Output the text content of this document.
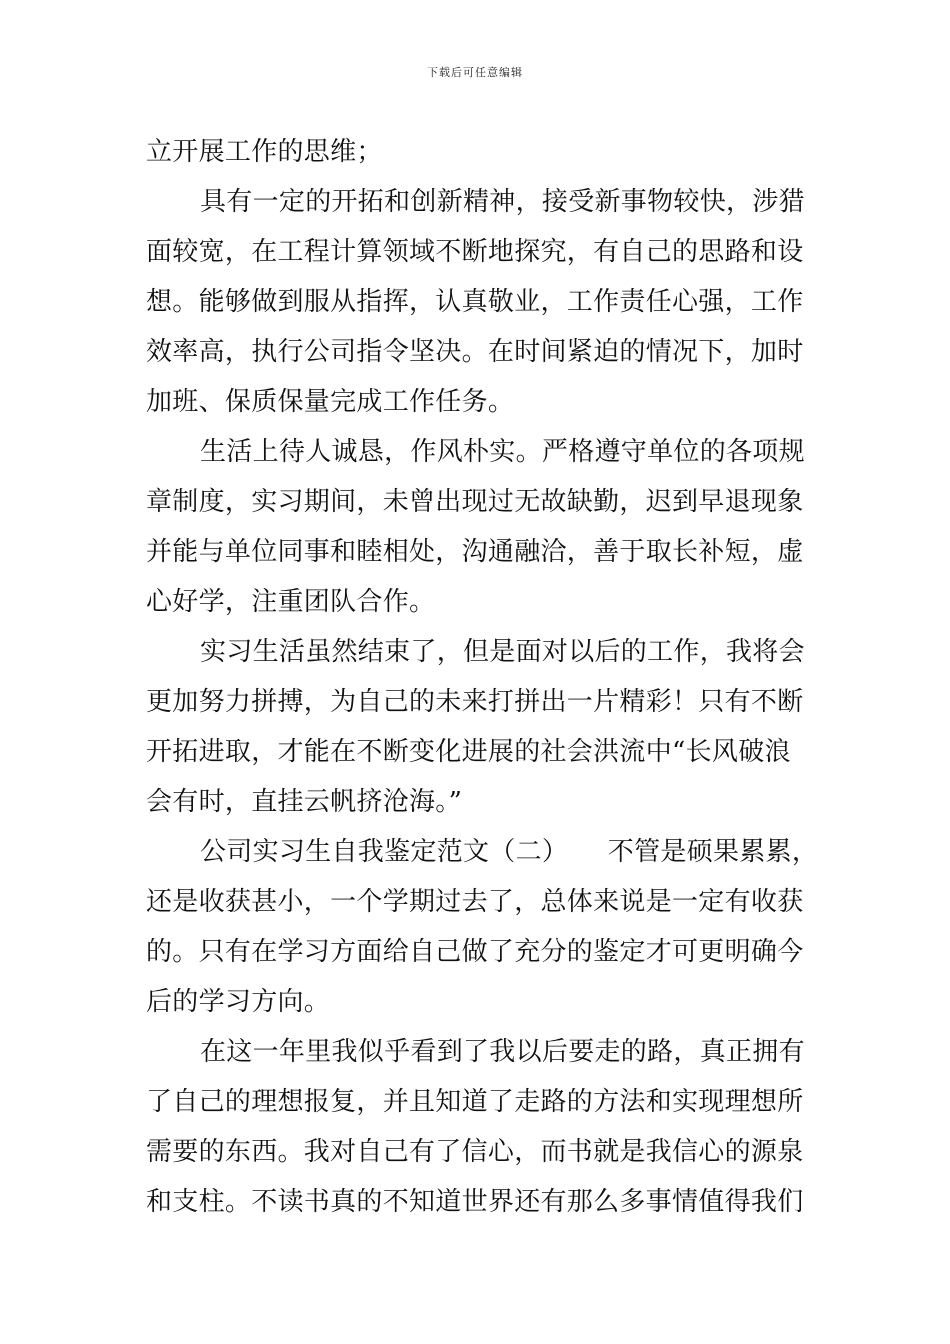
下载后可任意编辑
立开展工作的思维；
具有一定的开拓和创新精神，接受新事物较快，涉猎
面较宽，在工程计算领域不断地探究，有自己的思路和设
想。能够做到服从指挥，认真敬业，工作责任心强，工作
效率高，执行公司指令坚决。在时间紧迫的情况下，加时
加班、保质保量完成工作任务。
生活上待人诚恳，作风朴实。严格遵守单位的各项规
章制度，实习期间，未曾出现过无故缺勤，迟到早退现象
并能与单位同事和睦相处，沟通融洽，善于取长补短，虚
心好学，注重团队合作。
实习生活虽然结束了，但是面对以后的工作，我将会
更加努力拼搏，为自己的未来打拼出一片精彩！只有不断
开拓进取，才能在不断变化进展的社会洪流中“长风破浪
会有时，直挂云帆挤沧海。”
公司实习生自我鉴定范文（二）　　不管是硕果累累，
还是收获甚小，一个学期过去了，总体来说是一定有收获
的。只有在学习方面给自己做了充分的鉴定才可更明确今
后的学习方向。
在这一年里我似乎看到了我以后要走的路，真正拥有
了自己的理想报复，并且知道了走路的方法和实现理想所
需要的东西。我对自己有了信心，而书就是我信心的源泉
和支柱。不读书真的不知道世界还有那么多事情值得我们
